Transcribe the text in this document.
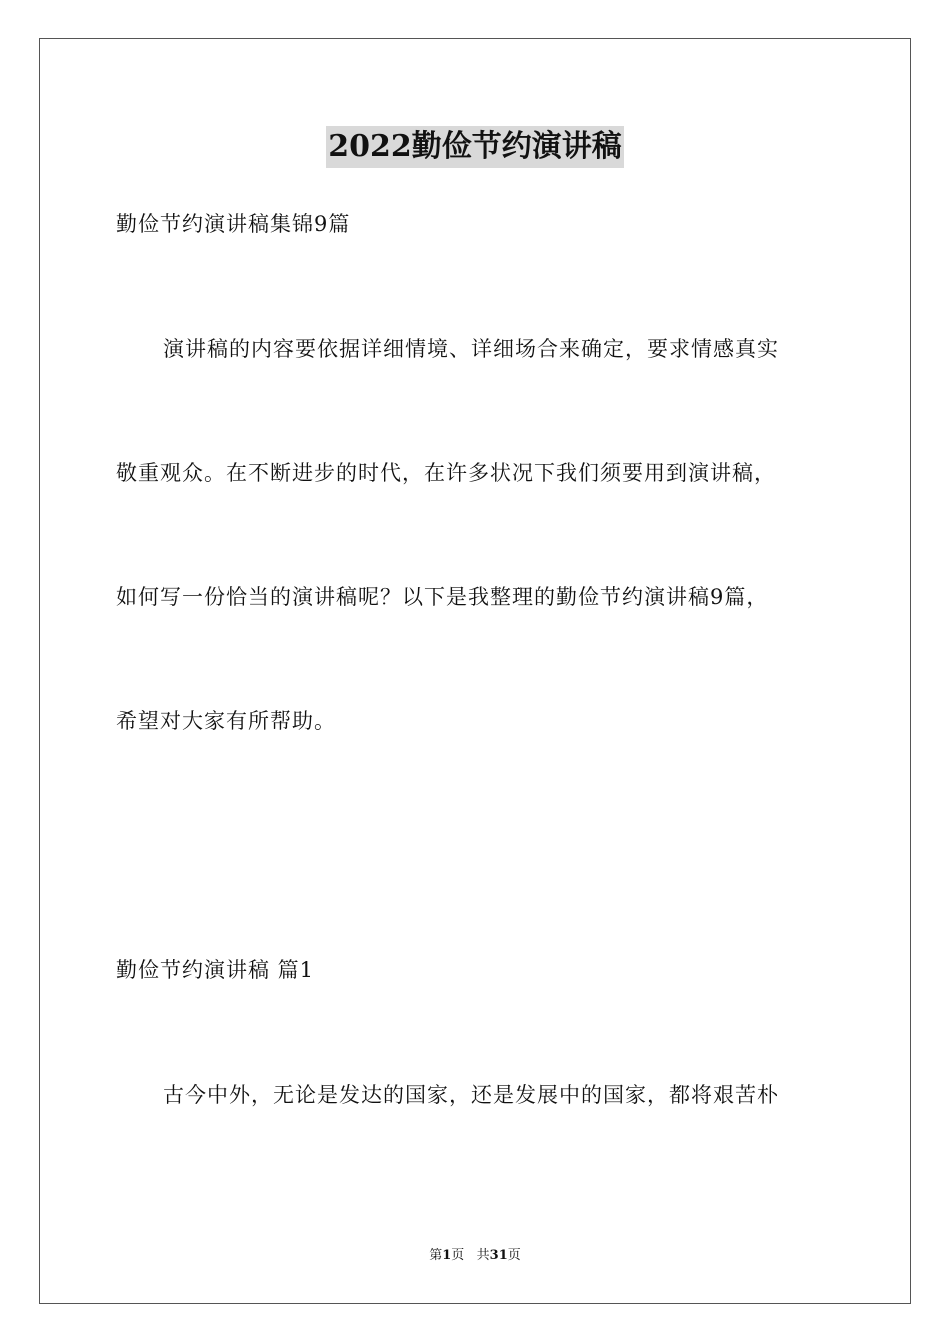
2022勤俭节约演讲稿
勤俭节约演讲稿集锦9篇
演讲稿的内容要依据详细情境、详细场合来确定，要求情感真实
敬重观众。在不断进步的时代，在许多状况下我们须要用到演讲稿，
如何写一份恰当的演讲稿呢？以下是我整理的勤俭节约演讲稿9篇，
希望对大家有所帮助。
勤俭节约演讲稿 篇1
古今中外，无论是发达的国家，还是发展中的国家，都将艰苦朴
第1页   共31页
